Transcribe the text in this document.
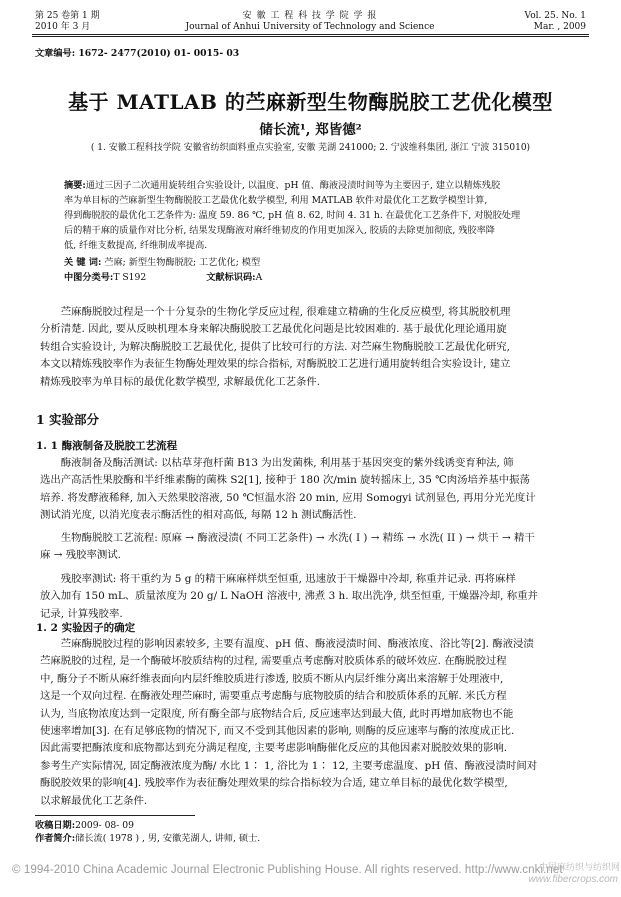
第 25 卷第 1 期
2010 年 3 月
安 徽 工 程 科 技 学 院 学 报
Journal of Anhui University of Technology and Science
Vol. 25. No. 1
Mar. , 2009
文章编号: 1672- 2477(2010) 01- 0015- 03
基于 MATLAB 的苎麻新型生物酶脱胶工艺优化模型
储长流¹, 郑皆德²
( 1. 安徽工程科技学院 安徽省纺织面料重点实验室, 安徽 芜湖 241000; 2. 宁波维科集团, 浙江 宁波 315010)
摘要:通过三因子二次通用旋转组合实验设计, 以温度、pH 值、酶液浸渍时间等为主要因子, 建立以精炼残胶
率为单目标的苎麻新型生物酶脱胶工艺最优化数学模型, 利用 MATLAB 软件对最优化工艺数学模型计算,
得到酶脱胶的最优化工艺条件为: 温度 59. 86 ℃, pH 值 8. 62, 时间 4. 31 h. 在最优化工艺条件下, 对脱胶处理
后的精干麻的质量作对比分析, 结果发现酶液对麻纤维韧皮的作用更加深入, 胶质的去除更加彻底, 残胶率降
低, 纤维支数提高, 纤维制成率提高.
关 键 词: 苎麻; 新型生物酶脱胶; 工艺优化; 模型
中图分类号:T S192	文献标识码:A
苎麻酶脱胶过程是一个十分复杂的生物化学反应过程, 很难建立精确的生化反应模型, 将其脱胶机理
分析清楚. 因此, 要从反映机理本身来解决酶脱胶工艺最优化问题是比较困难的. 基于最优化理论通用旋
转组合实验设计, 为解决酶脱胶工艺最优化, 提供了比较可行的方法. 对苎麻生物酶脱胶工艺最优化研究,
本文以精炼残胶率作为表征生物酶处理效果的综合指标, 对酶脱胶工艺进行通用旋转组合实验设计, 建立
精炼残胶率为单目标的最优化数学模型, 求解最优化工艺条件.
1 实验部分
1. 1 酶液制备及脱胶工艺流程
酶液制备及酶活测试: 以枯草芽孢杆菌 B13 为出发菌株, 利用基于基因突变的紫外线诱变育种法, 筛
选出产高活性果胶酶和半纤维素酶的菌株 S2[1], 接种于 180 次/min 旋转摇床上, 35 ℃肉汤培养基中振荡
培养. 将发酵液稀释, 加入天然果胶溶液, 50 ℃恒温水浴 20 min, 应用 Somogyi 试剂显色, 再用分光光度计
测试消光度, 以消光度表示酶活性的相对高低, 每隔 12 h 测试酶活性.
生物酶脱胶工艺流程: 原麻 → 酶液浸渍( 不同工艺条件) → 水洗( I ) → 精练 → 水洗( II ) → 烘干 → 精干
麻 → 残胶率测试.
残胶率测试: 将干重约为 5 g 的精干麻麻样烘至恒重, 迅速放于干燥器中冷却, 称重并记录. 再将麻样
放入加有 150 mL、质量浓度为 20 g/ L NaOH 溶液中, 沸煮 3 h. 取出洗净, 烘至恒重, 干燥器冷却, 称重并
记录, 计算残胶率.
1. 2 实验因子的确定
苎麻酶脱胶过程的影响因素较多, 主要有温度、pH 值、酶液浸渍时间、酶液浓度、浴比等[2]. 酶液浸渍
苎麻脱胶的过程, 是一个酶破坏胶质结构的过程, 需要重点考虑酶对胶质体系的破坏效应. 在酶脱胶过程
中, 酶分子不断从麻纤维表面向内层纤维胶质进行渗透, 胶质不断从内层纤维分离出来溶解于处理液中,
这是一个双向过程. 在酶液处理苎麻时, 需要重点考虑酶与底物胶质的结合和胶质体系的瓦解. 米氏方程
认为, 当底物浓度达到一定限度, 所有酶全部与底物结合后, 反应速率达到最大值, 此时再增加底物也不能
使速率增加[3]. 在有足够底物的情况下, 而又不受到其他因素的影响, 则酶的反应速率与酶的浓度成正比.
因此需要把酶浓度和底物都达到充分满足程度, 主要考虑影响酶催化反应的其他因素对脱胶效果的影响.
参考生产实际情况, 固定酶液浓度为酶/ 水比 1∶ 1, 浴比为 1∶ 12, 主要考虑温度、pH 值、酶液浸渍时间对
酶脱胶效果的影响[4]. 残胶率作为表征酶处理效果的综合指标较为合适, 建立单目标的最优化数学模型,
以求解最优化工艺条件.
收稿日期:2009- 08- 09
作者简介:储长流( 1978 ) , 男, 安徽芜湖人, 讲师, 硕士.
© 1994-2010 China Academic Journal Electronic Publishing House. All rights reserved. http://www.cnki.net
中国麻纺织与纺织网
www.fibercrops.com
